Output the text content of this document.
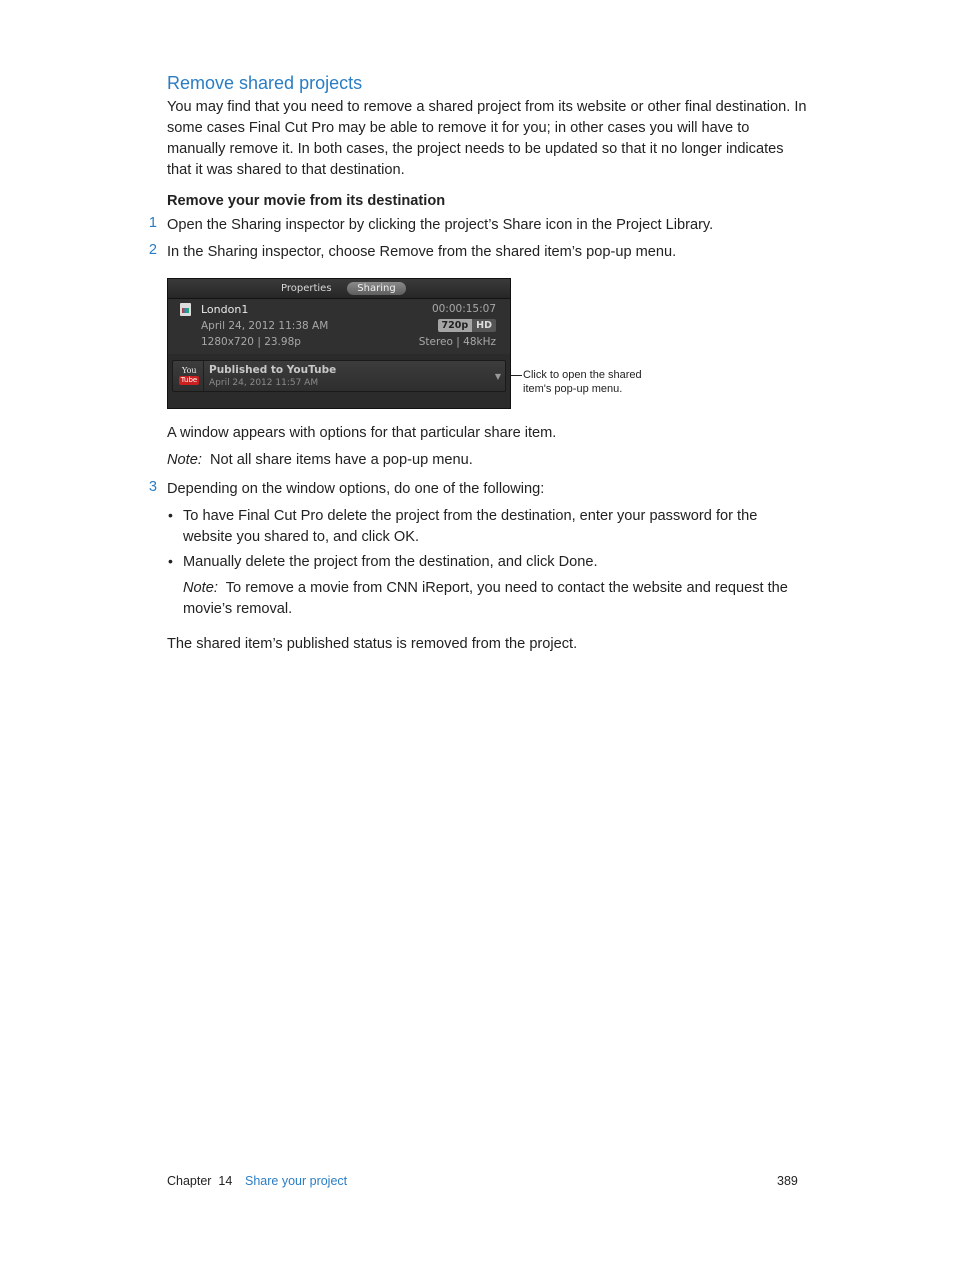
Remove shared projects
You may find that you need to remove a shared project from its website or other final destination. In some cases Final Cut Pro may be able to remove it for you; in other cases you will have to manually remove it. In both cases, the project needs to be updated so that it no longer indicates that it was shared to that destination.
Remove your movie from its destination
1 Open the Sharing inspector by clicking the project’s Share icon in the Project Library.
2 In the Sharing inspector, choose Remove from the shared item’s pop-up menu.
Properties	Sharing
London1
April 24, 2012 11:38 AM
1280x720 | 23.98p
00:00:15:07
720p HD
Stereo | 48kHz
You
Tube
Published to YouTube
April 24, 2012 11:57 AM
▼ Click to open the shared item's pop-up menu.
A window appears with options for that particular share item.
Note: Not all share items have a pop-up menu.
3 Depending on the window options, do one of the following:
• To have Final Cut Pro delete the project from the destination, enter your password for the website you shared to, and click OK.
• Manually delete the project from the destination, and click Done.
Note: To remove a movie from CNN iReport, you need to contact the website and request the movie’s removal.
The shared item’s published status is removed from the project.
Chapter  14 Share your project	389
